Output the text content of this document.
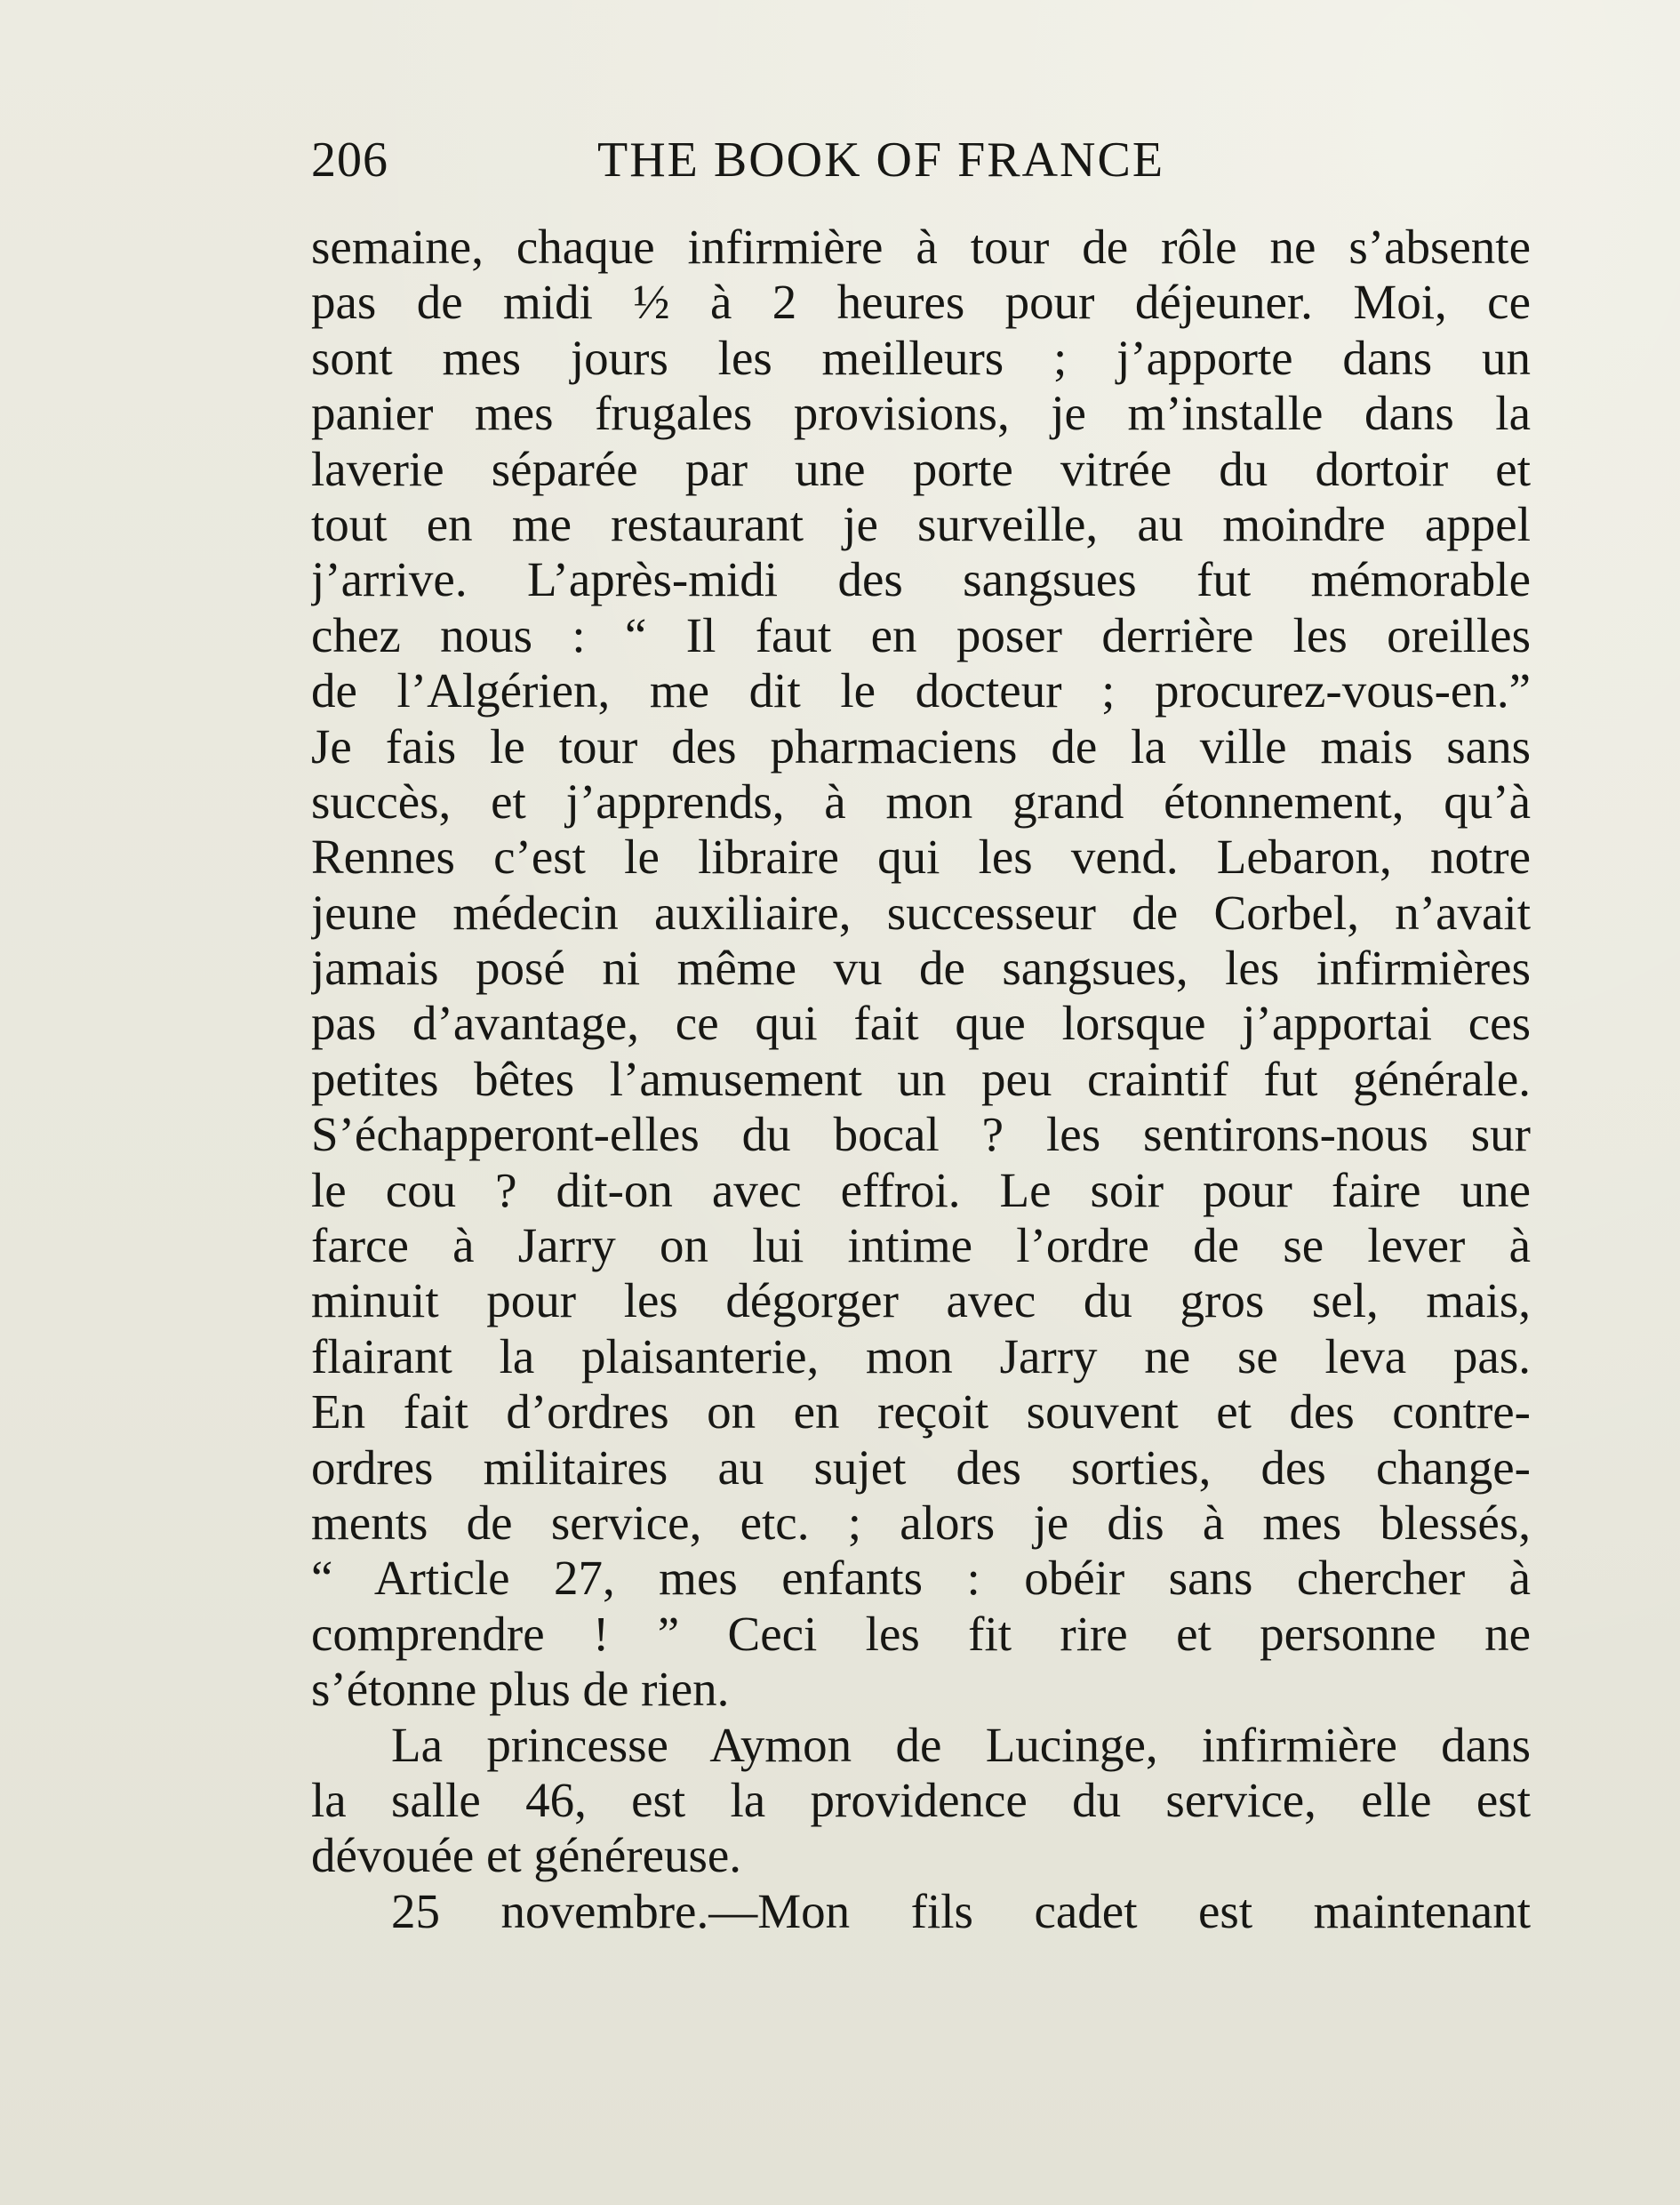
206	THE BOOK OF FRANCE
semaine, chaque infirmière à tour de rôle ne s’absente
pas de midi ½ à 2 heures pour déjeuner. Moi, ce
sont mes jours les meilleurs ; j’apporte dans un
panier mes frugales provisions, je m’installe dans la
laverie séparée par une porte vitrée du dortoir et
tout en me restaurant je surveille, au moindre appel
j’arrive. L’après-midi des sangsues fut mémorable
chez nous : “ Il faut en poser derrière les oreilles
de l’Algérien, me dit le docteur ; procurez-vous-en.”
Je fais le tour des pharmaciens de la ville mais sans
succès, et j’apprends, à mon grand étonnement, qu’à
Rennes c’est le libraire qui les vend. Lebaron, notre
jeune médecin auxiliaire, successeur de Corbel, n’avait
jamais posé ni même vu de sangsues, les infirmières
pas d’avantage, ce qui fait que lorsque j’apportai ces
petites bêtes l’amusement un peu craintif fut générale.
S’échapperont-elles du bocal ? les sentirons-nous sur
le cou ? dit-on avec effroi. Le soir pour faire une
farce à Jarry on lui intime l’ordre de se lever à
minuit pour les dégorger avec du gros sel, mais,
flairant la plaisanterie, mon Jarry ne se leva pas.
En fait d’ordres on en reçoit souvent et des contre-
ordres militaires au sujet des sorties, des change-
ments de service, etc. ; alors je dis à mes blessés,
“ Article 27, mes enfants : obéir sans chercher à
comprendre ! ” Ceci les fit rire et personne ne
s’étonne plus de rien.
La princesse Aymon de Lucinge, infirmière dans
la salle 46, est la providence du service, elle est
dévouée et généreuse.
25 novembre.—Mon fils cadet est maintenant
